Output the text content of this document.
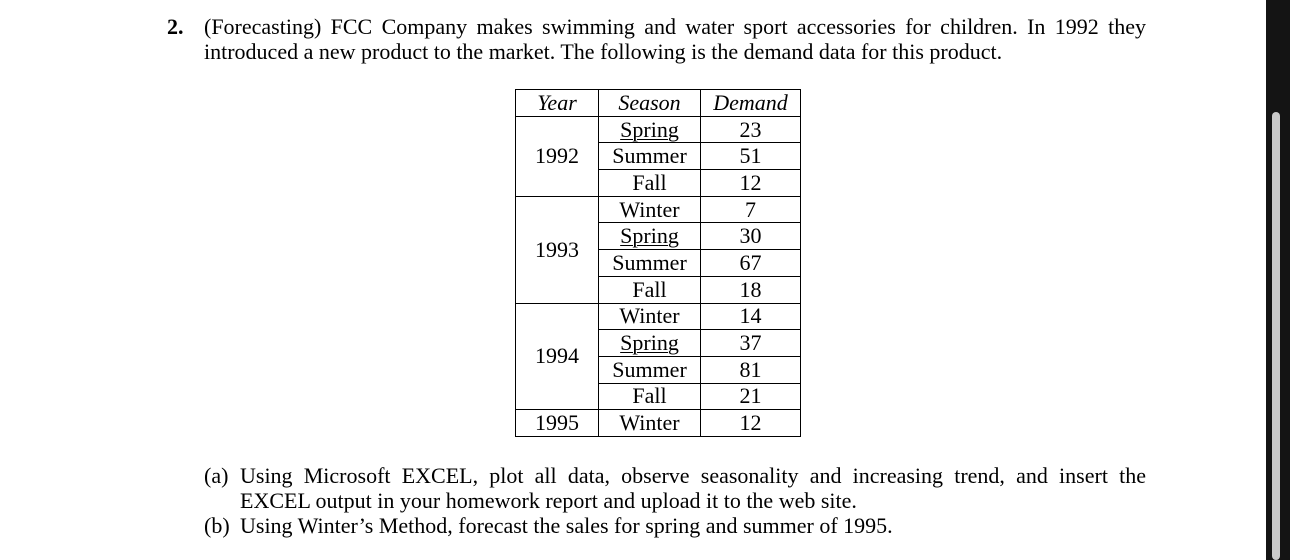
2. (Forecasting) FCC Company makes swimming and water sport accessories for children. In 1992 they introduced a new product to the market. The following is the demand data for this product.
Year	Season	Demand
1992	Spring	23
	Summer	51
	Fall	12
1993	Winter	7
	Spring	30
	Summer	67
	Fall	18
1994	Winter	14
	Spring	37
	Summer	81
	Fall	21
1995	Winter	12
(a) Using Microsoft EXCEL, plot all data, observe seasonality and increasing trend, and insert the EXCEL output in your homework report and upload it to the web site.
(b) Using Winter’s Method, forecast the sales for spring and summer of 1995.
